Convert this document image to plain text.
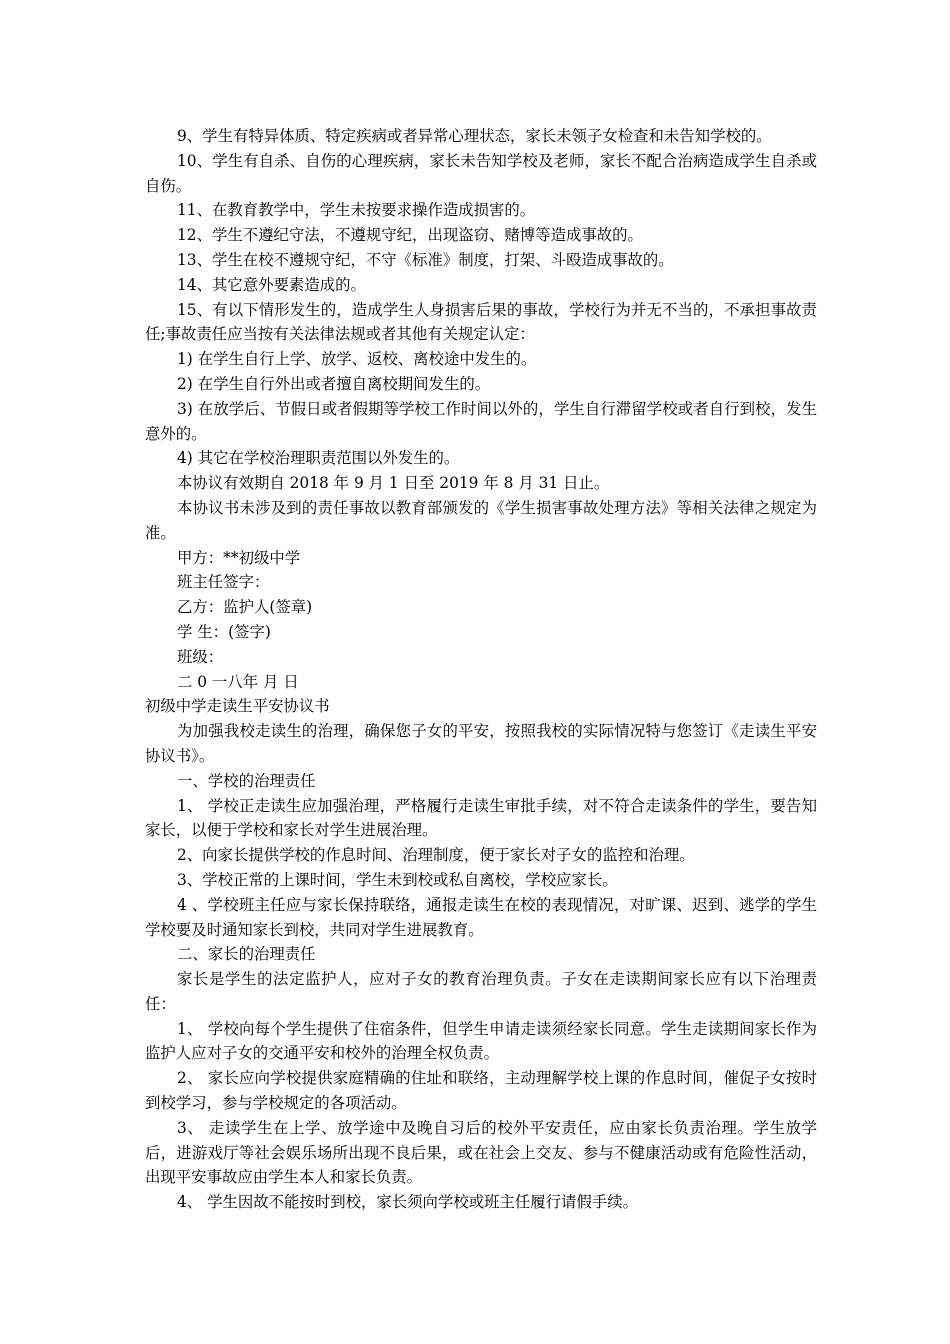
9、学生有特异体质、特定疾病或者异常心理状态，家长未领子女检查和未告知学校的。

10、学生有自杀、自伤的心理疾病，家长未告知学校及老师，家长不配合治病造成学生自杀或自伤。

11、在教育教学中，学生未按要求操作造成损害的。

12、学生不遵纪守法，不遵规守纪，出现盗窃、赌博等造成事故的。

13、学生在校不遵规守纪，不守《标准》制度，打架、斗殴造成事故的。

14、其它意外要素造成的。

15、有以下情形发生的，造成学生人身损害后果的事故，学校行为并无不当的，不承担事故责任;事故责任应当按有关法律法规或者其他有关规定认定：

1) 在学生自行上学、放学、返校、离校途中发生的。

2) 在学生自行外出或者擅自离校期间发生的。

3) 在放学后、节假日或者假期等学校工作时间以外的，学生自行滞留学校或者自行到校，发生意外的。

4) 其它在学校治理职责范围以外发生的。

本协议有效期自 2018 年 9 月 1 日至 2019 年 8 月 31 日止。

本协议书未涉及到的责任事故以教育部颁发的《学生损害事故处理方法》等相关法律之规定为准。

甲方：**初级中学

班主任签字：

乙方：监护人(签章)

学 生：(签字)

班级：

二 0 一八年 月 日

初级中学走读生平安协议书

为加强我校走读生的治理，确保您子女的平安，按照我校的实际情况特与您签订《走读生平安协议书》。

一、学校的治理责任

1、 学校正走读生应加强治理，严格履行走读生审批手续，对不符合走读条件的学生，要告知家长，以便于学校和家长对学生进展治理。

2、向家长提供学校的作息时间、治理制度，便于家长对子女的监控和治理。

3、学校正常的上课时间，学生未到校或私自离校，学校应家长。

4 、学校班主任应与家长保持联络，通报走读生在校的表现情况，对旷课、迟到、逃学的学生学校要及时通知家长到校，共同对学生进展教育。

二、家长的治理责任

家长是学生的法定监护人，应对子女的教育治理负责。子女在走读期间家长应有以下治理责任：

1、 学校向每个学生提供了住宿条件，但学生申请走读须经家长同意。学生走读期间家长作为监护人应对子女的交通平安和校外的治理全权负责。

2、 家长应向学校提供家庭精确的住址和联络，主动理解学校上课的作息时间，催促子女按时到校学习，参与学校规定的各项活动。

3、 走读学生在上学、放学途中及晚自习后的校外平安责任，应由家长负责治理。学生放学后，进游戏厅等社会娱乐场所出现不良后果，或在社会上交友、参与不健康活动或有危险性活动，出现平安事故应由学生本人和家长负责。

4、 学生因故不能按时到校，家长须向学校或班主任履行请假手续。
